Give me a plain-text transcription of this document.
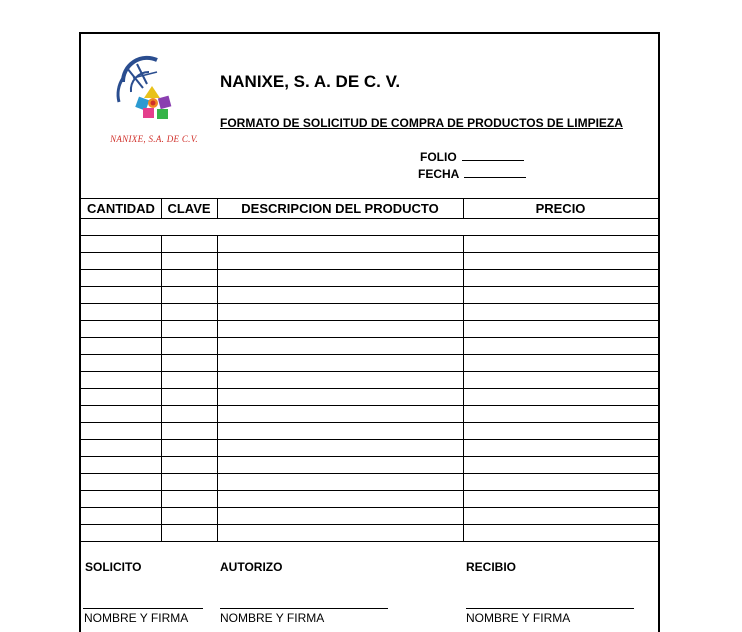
NANIXE, S.A. DE C.V.
NANIXE, S. A. DE C. V.
FORMATO DE SOLICITUD DE COMPRA DE PRODUCTOS DE LIMPIEZA
FOLIO
FECHA
CANTIDAD CLAVE	DESCRIPCION DEL PRODUCTO	PRECIO
SOLICITO	AUTORIZO	RECIBIO
NOMBRE Y FIRMA	NOMBRE Y FIRMA	NOMBRE Y FIRMA
